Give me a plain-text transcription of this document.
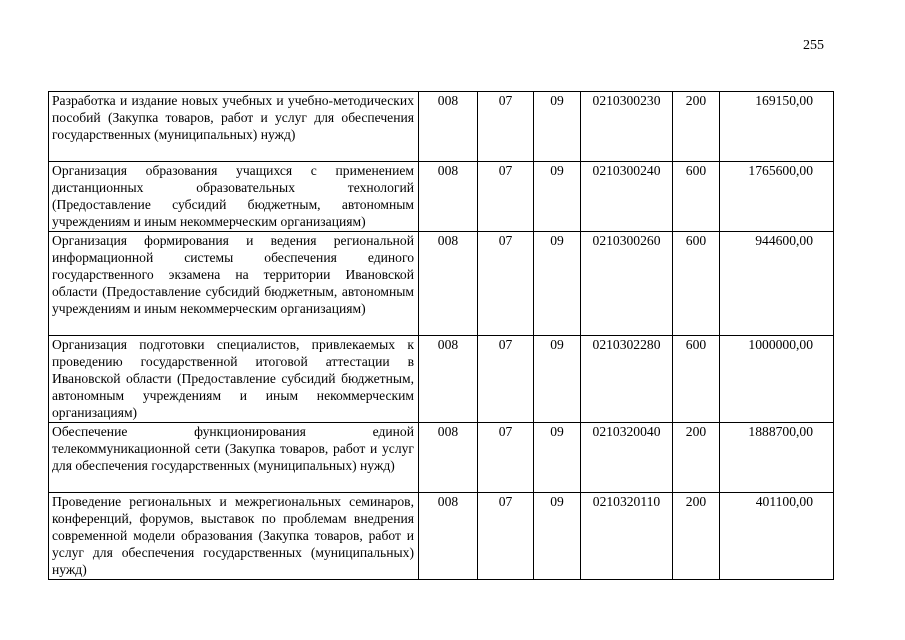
255
Разработка и издание новых учебных и учебно-методических пособий (Закупка товаров, работ и услуг для обеспечения государственных (муниципальных) нужд)	008	07	09	0210300230	200	169150,00
Организация образования учащихся с применением дистанционных образовательных технологий (Предоставление субсидий бюджетным, автономным учреждениям и иным некоммерческим организациям)	008	07	09	0210300240	600	1765600,00
Организация формирования и ведения региональной информационной системы обеспечения единого государственного экзамена на территории Ивановской области (Предоставление субсидий бюджетным, автономным учреждениям и иным некоммерческим организациям)	008	07	09	0210300260	600	944600,00
Организация подготовки специалистов, привлекаемых к проведению государственной итоговой аттестации в Ивановской области (Предоставление субсидий бюджетным, автономным учреждениям и иным некоммерческим организациям)	008	07	09	0210302280	600	1000000,00
Обеспечение функционирования единой телекоммуникационной сети (Закупка товаров, работ и услуг для обеспечения государственных (муниципальных) нужд)	008	07	09	0210320040	200	1888700,00
Проведение региональных и межрегиональных семинаров, конференций, форумов, выставок по проблемам внедрения современной модели образования (Закупка товаров, работ и услуг для обеспечения государственных (муниципальных) нужд)	008	07	09	0210320110	200	401100,00
